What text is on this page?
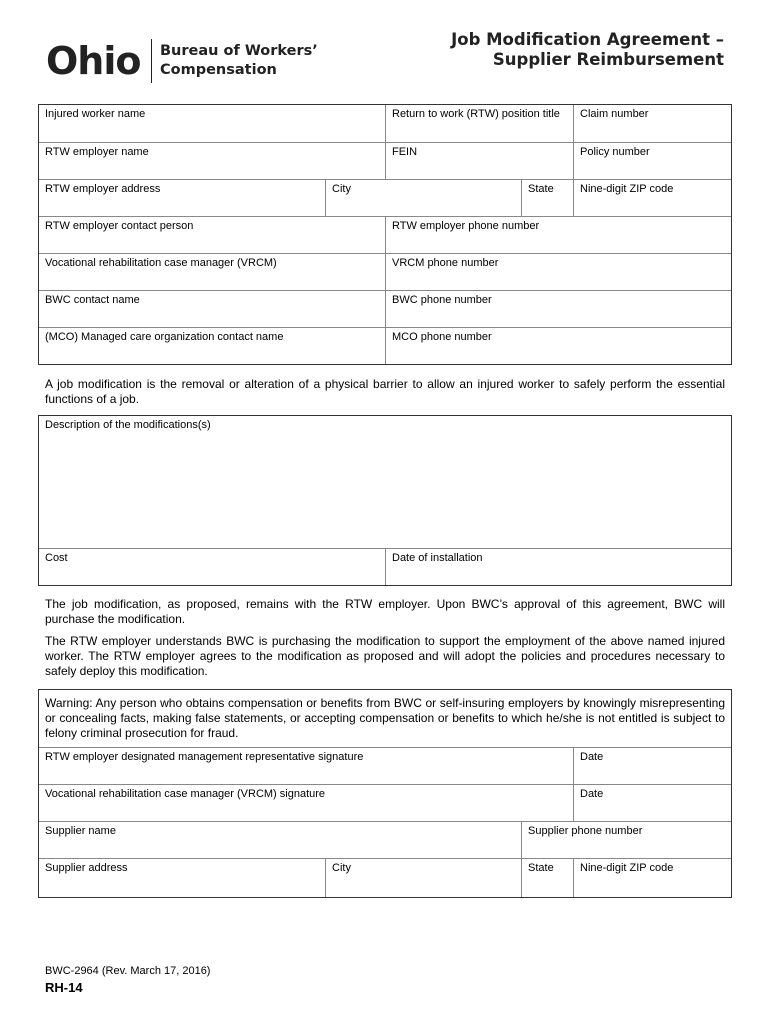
Ohio Bureau of Workers’
Compensation
Job Modification Agreement –
Supplier Reimbursement
Injured worker name	Return to work (RTW) position title	Claim number
RTW employer name	FEIN	Policy number
RTW employer address	City	State	Nine-digit ZIP code
RTW employer contact person	RTW employer phone number
Vocational rehabilitation case manager (VRCM)	VRCM phone number
BWC contact name	BWC phone number
(MCO) Managed care organization contact name	MCO phone number
A job modification is the removal or alteration of a physical barrier to allow an injured worker to safely perform the essential functions of a job.
Description of the modifications(s)
Cost	Date of installation
The job modification, as proposed, remains with the RTW employer. Upon BWC’s approval of this agreement, BWC will purchase the modification.
The RTW employer understands BWC is purchasing the modification to support the employment of the above named injured worker. The RTW employer agrees to the modification as proposed and will adopt the policies and procedures necessary to safely deploy this modification.
Warning: Any person who obtains compensation or benefits from BWC or self-insuring employers by knowingly misrepresenting or concealing facts, making false statements, or accepting compensation or benefits to which he/she is not entitled is subject to felony criminal prosecution for fraud.
RTW employer designated management representative signature	Date
Vocational rehabilitation case manager (VRCM) signature	Date
Supplier name	Supplier phone number
Supplier address	City	State	Nine-digit ZIP code
BWC-2964 (Rev. March 17, 2016)
RH-14
